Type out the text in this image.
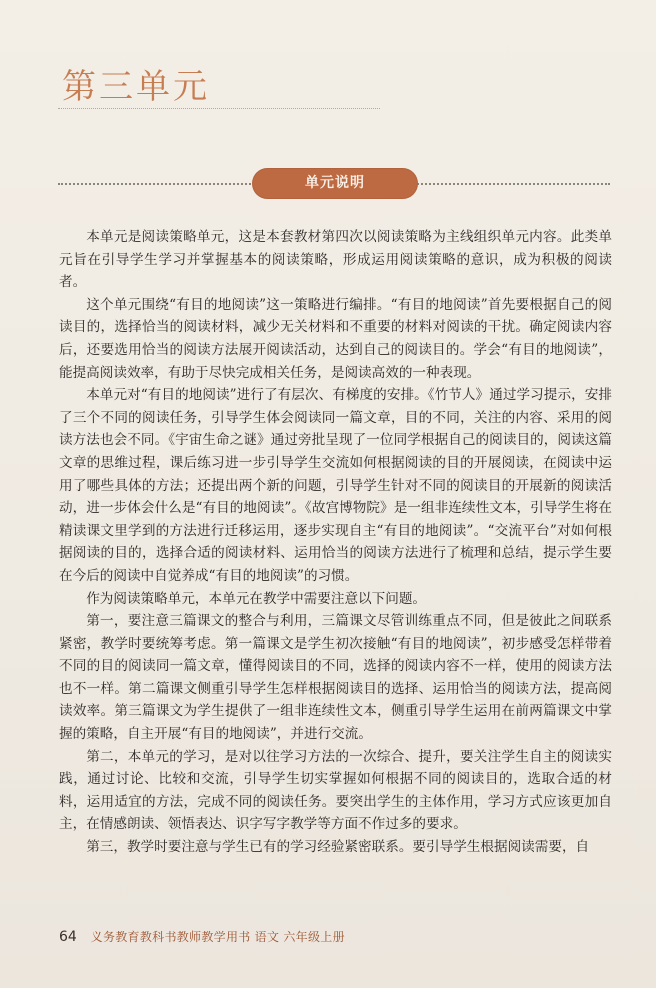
第三单元
单元说明

本单元是阅读策略单元，这是本套教材第四次以阅读策略为主线组织单元内容。此类单元旨在引导学生学习并掌握基本的阅读策略，形成运用阅读策略的意识，成为积极的阅读者。

这个单元围绕“有目的地阅读”这一策略进行编排。“有目的地阅读”首先要根据自己的阅读目的，选择恰当的阅读材料，减少无关材料和不重要的材料对阅读的干扰。确定阅读内容后，还要选用恰当的阅读方法展开阅读活动，达到自己的阅读目的。学会“有目的地阅读”，能提高阅读效率，有助于尽快完成相关任务，是阅读高效的一种表现。

本单元对“有目的地阅读”进行了有层次、有梯度的安排。《竹节人》通过学习提示，安排了三个不同的阅读任务，引导学生体会阅读同一篇文章，目的不同，关注的内容、采用的阅读方法也会不同。《宇宙生命之谜》通过旁批呈现了一位同学根据自己的阅读目的，阅读这篇文章的思维过程，课后练习进一步引导学生交流如何根据阅读的目的开展阅读，在阅读中运用了哪些具体的方法；还提出两个新的问题，引导学生针对不同的阅读目的开展新的阅读活动，进一步体会什么是“有目的地阅读”。《故宫博物院》是一组非连续性文本，引导学生将在精读课文里学到的方法进行迁移运用，逐步实现自主“有目的地阅读”。“交流平台”对如何根据阅读的目的，选择合适的阅读材料、运用恰当的阅读方法进行了梳理和总结，提示学生要在今后的阅读中自觉养成“有目的地阅读”的习惯。

作为阅读策略单元，本单元在教学中需要注意以下问题。

第一，要注意三篇课文的整合与利用，三篇课文尽管训练重点不同，但是彼此之间联系紧密，教学时要统筹考虑。第一篇课文是学生初次接触“有目的地阅读”，初步感受怎样带着不同的目的阅读同一篇文章，懂得阅读目的不同，选择的阅读内容不一样，使用的阅读方法也不一样。第二篇课文侧重引导学生怎样根据阅读目的选择、运用恰当的阅读方法，提高阅读效率。第三篇课文为学生提供了一组非连续性文本，侧重引导学生运用在前两篇课文中掌握的策略，自主开展“有目的地阅读”，并进行交流。

第二，本单元的学习，是对以往学习方法的一次综合、提升，要关注学生自主的阅读实践，通过讨论、比较和交流，引导学生切实掌握如何根据不同的阅读目的，选取合适的材料，运用适宜的方法，完成不同的阅读任务。要突出学生的主体作用，学习方式应该更加自主，在情感朗读、领悟表达、识字写字教学等方面不作过多的要求。

第三，教学时要注意与学生已有的学习经验紧密联系。要引导学生根据阅读需要，自

64 义务教育教科书教师教学用书 语文 六年级上册
